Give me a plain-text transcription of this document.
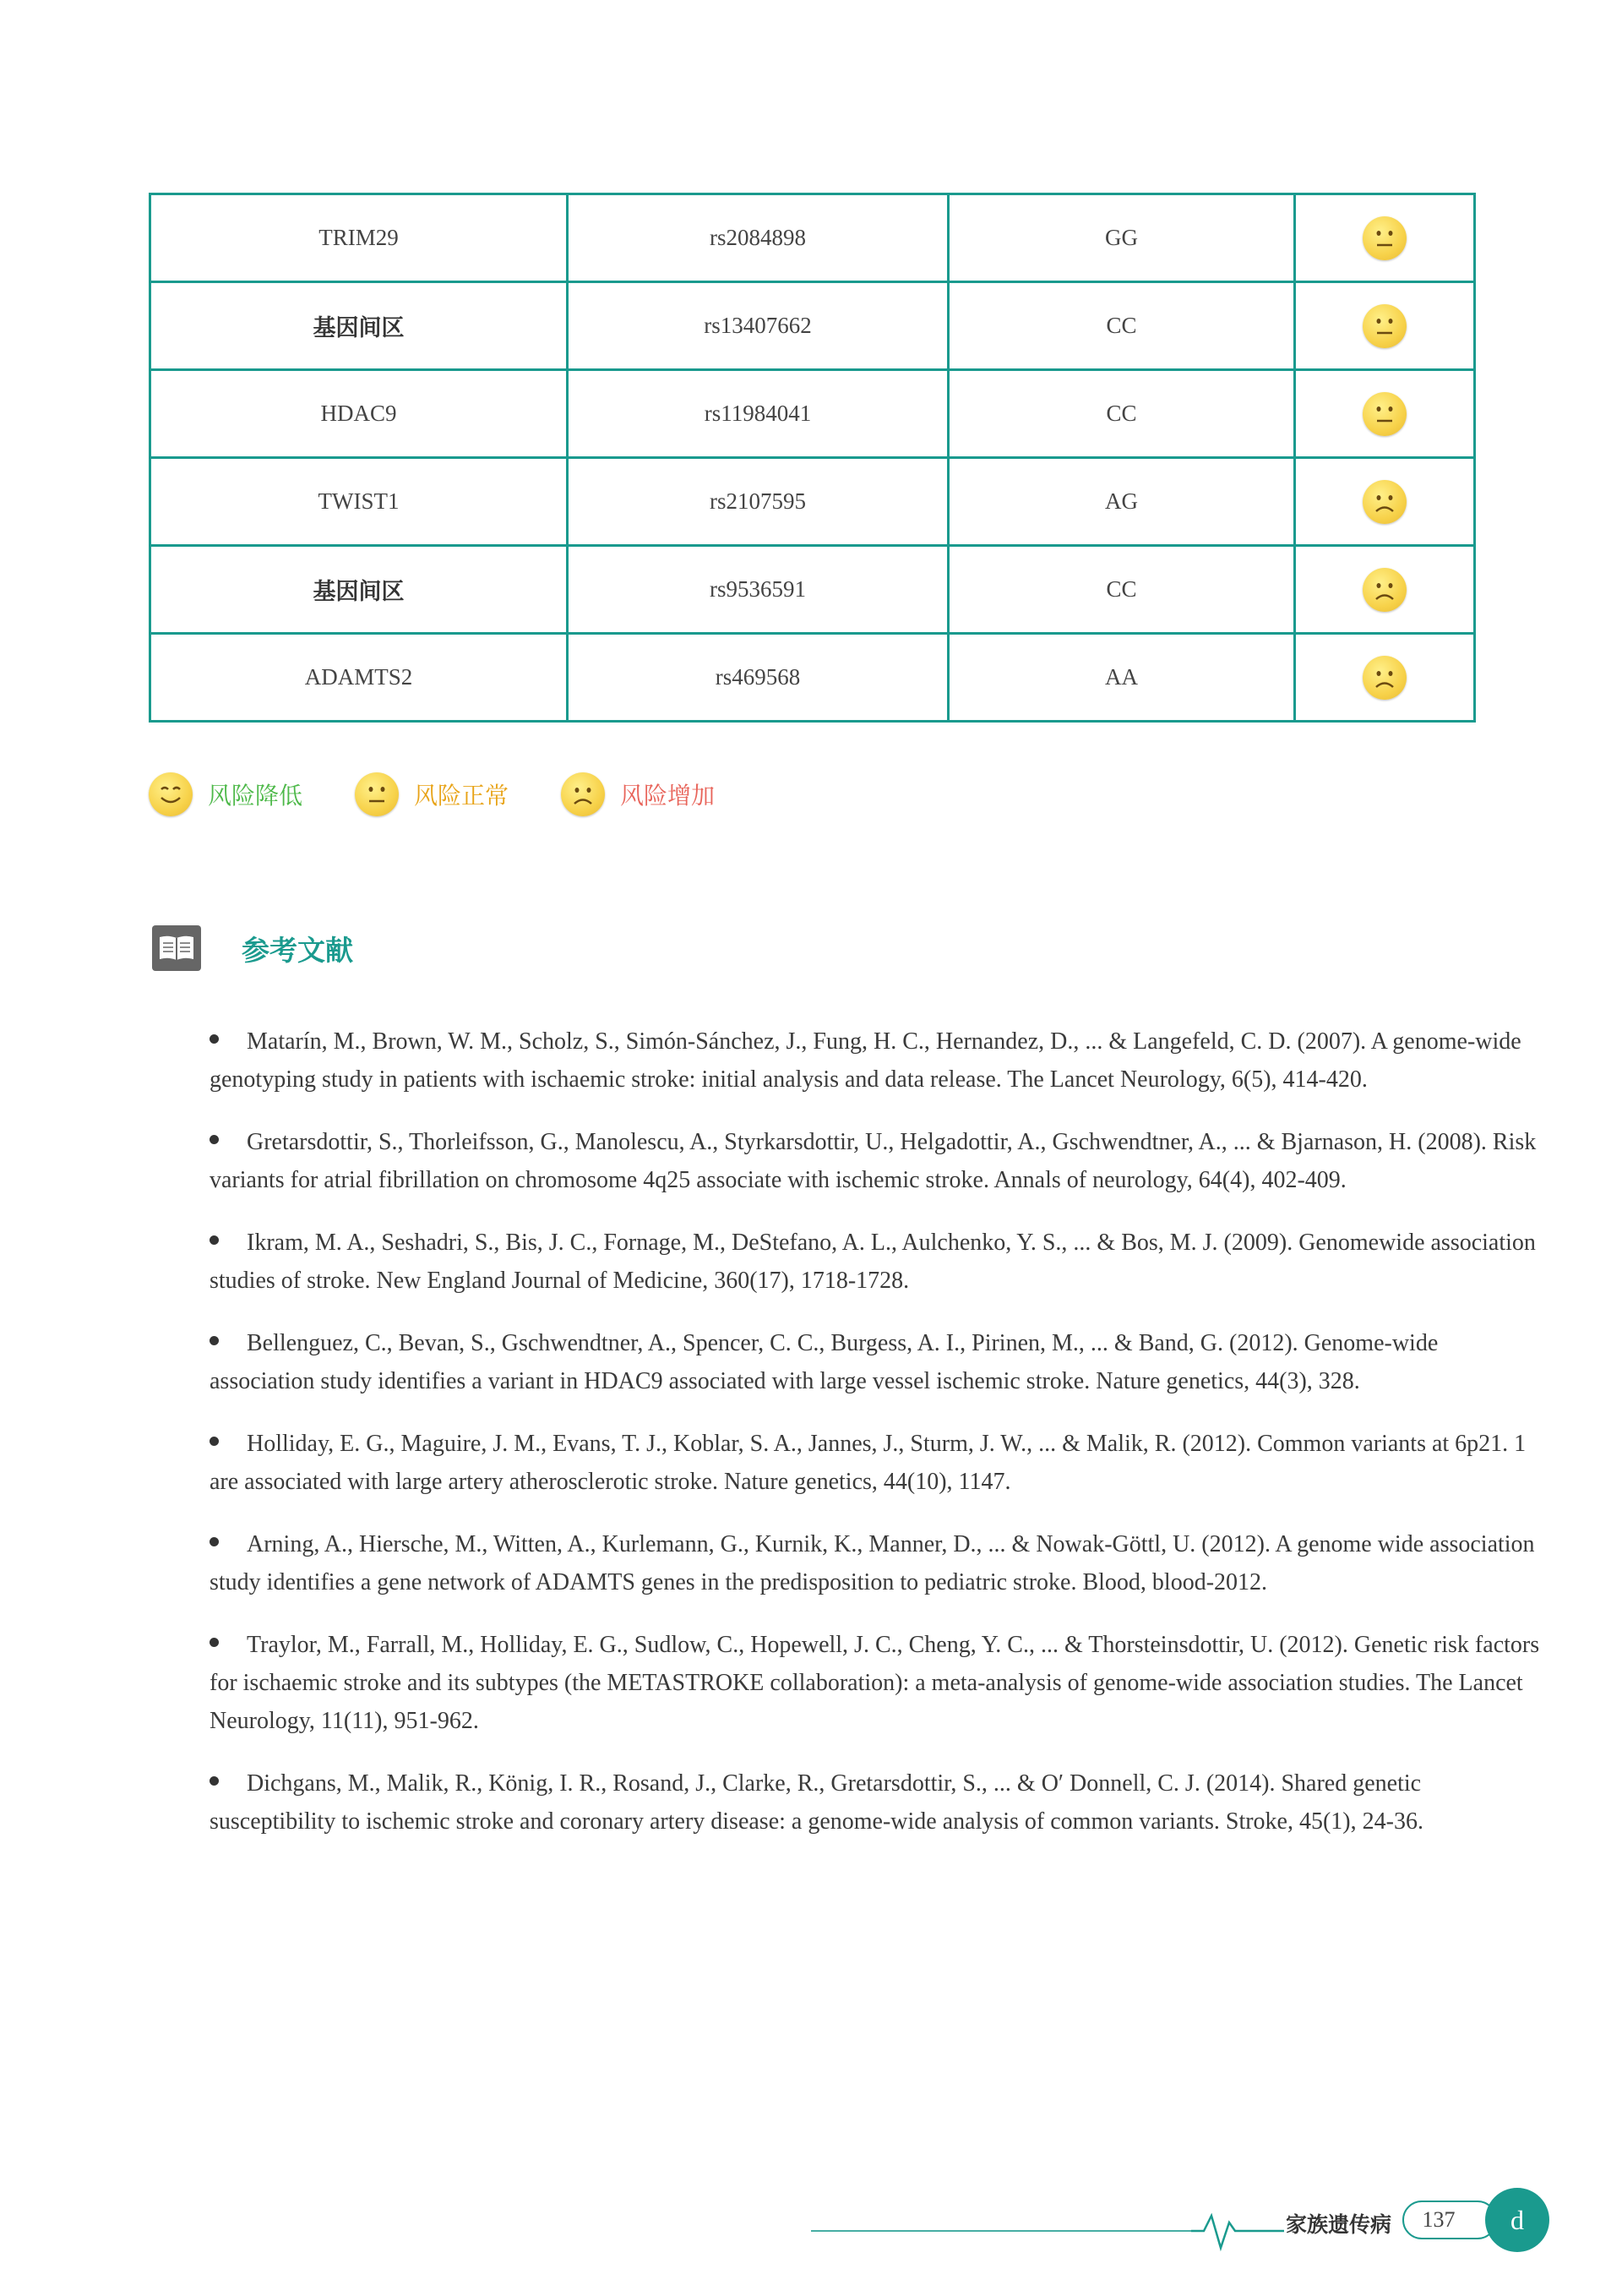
TRIM29	rs2084898	GG	

基因间区	rs13407662	CC	

HDAC9	rs11984041	CC	

TWIST1	rs2107595	AG	

基因间区	rs9536591	CC	

ADAMTS2	rs469568	AA	
风险降低	风险正常	风险增加
参考文献
Matarín, M., Brown, W. M., Scholz, S., Simón-Sánchez, J., Fung, H. C., Hernandez, D., ... & Langefeld, C. D. (2007). A genome-wide genotyping study in patients with ischaemic stroke: initial analysis and data release. The Lancet Neurology, 6(5), 414-420.
Gretarsdottir, S., Thorleifsson, G., Manolescu, A., Styrkarsdottir, U., Helgadottir, A., Gschwendtner, A., ... & Bjarnason, H. (2008). Risk variants for atrial fibrillation on chromosome 4q25 associate with ischemic stroke. Annals of neurology, 64(4), 402-409.
Ikram, M. A., Seshadri, S., Bis, J. C., Fornage, M., DeStefano, A. L., Aulchenko, Y. S., ... & Bos, M. J. (2009). Genomewide association studies of stroke. New England Journal of Medicine, 360(17), 1718-1728.
Bellenguez, C., Bevan, S., Gschwendtner, A., Spencer, C. C., Burgess, A. I., Pirinen, M., ... & Band, G. (2012). Genome-wide association study identifies a variant in HDAC9 associated with large vessel ischemic stroke. Nature genetics, 44(3), 328.
Holliday, E. G., Maguire, J. M., Evans, T. J., Koblar, S. A., Jannes, J., Sturm, J. W., ... & Malik, R. (2012). Common variants at 6p21. 1 are associated with large artery atherosclerotic stroke. Nature genetics, 44(10), 1147.
Arning, A., Hiersche, M., Witten, A., Kurlemann, G., Kurnik, K., Manner, D., ... & Nowak-Göttl, U. (2012). A genome wide association study identifies a gene network of ADAMTS genes in the predisposition to pediatric stroke. Blood, blood-2012.
Traylor, M., Farrall, M., Holliday, E. G., Sudlow, C., Hopewell, J. C., Cheng, Y. C., ... & Thorsteinsdottir, U. (2012). Genetic risk factors for ischaemic stroke and its subtypes (the METASTROKE collaboration): a meta-analysis of genome-wide association studies. The Lancet Neurology, 11(11), 951-962.
Dichgans, M., Malik, R., König, I. R., Rosand, J., Clarke, R., Gretarsdottir, S., ... & O′ Donnell, C. J. (2014). Shared genetic susceptibility to ischemic stroke and coronary artery disease: a genome-wide analysis of common variants. Stroke, 45(1), 24-36.
家族遗传病	137	d
